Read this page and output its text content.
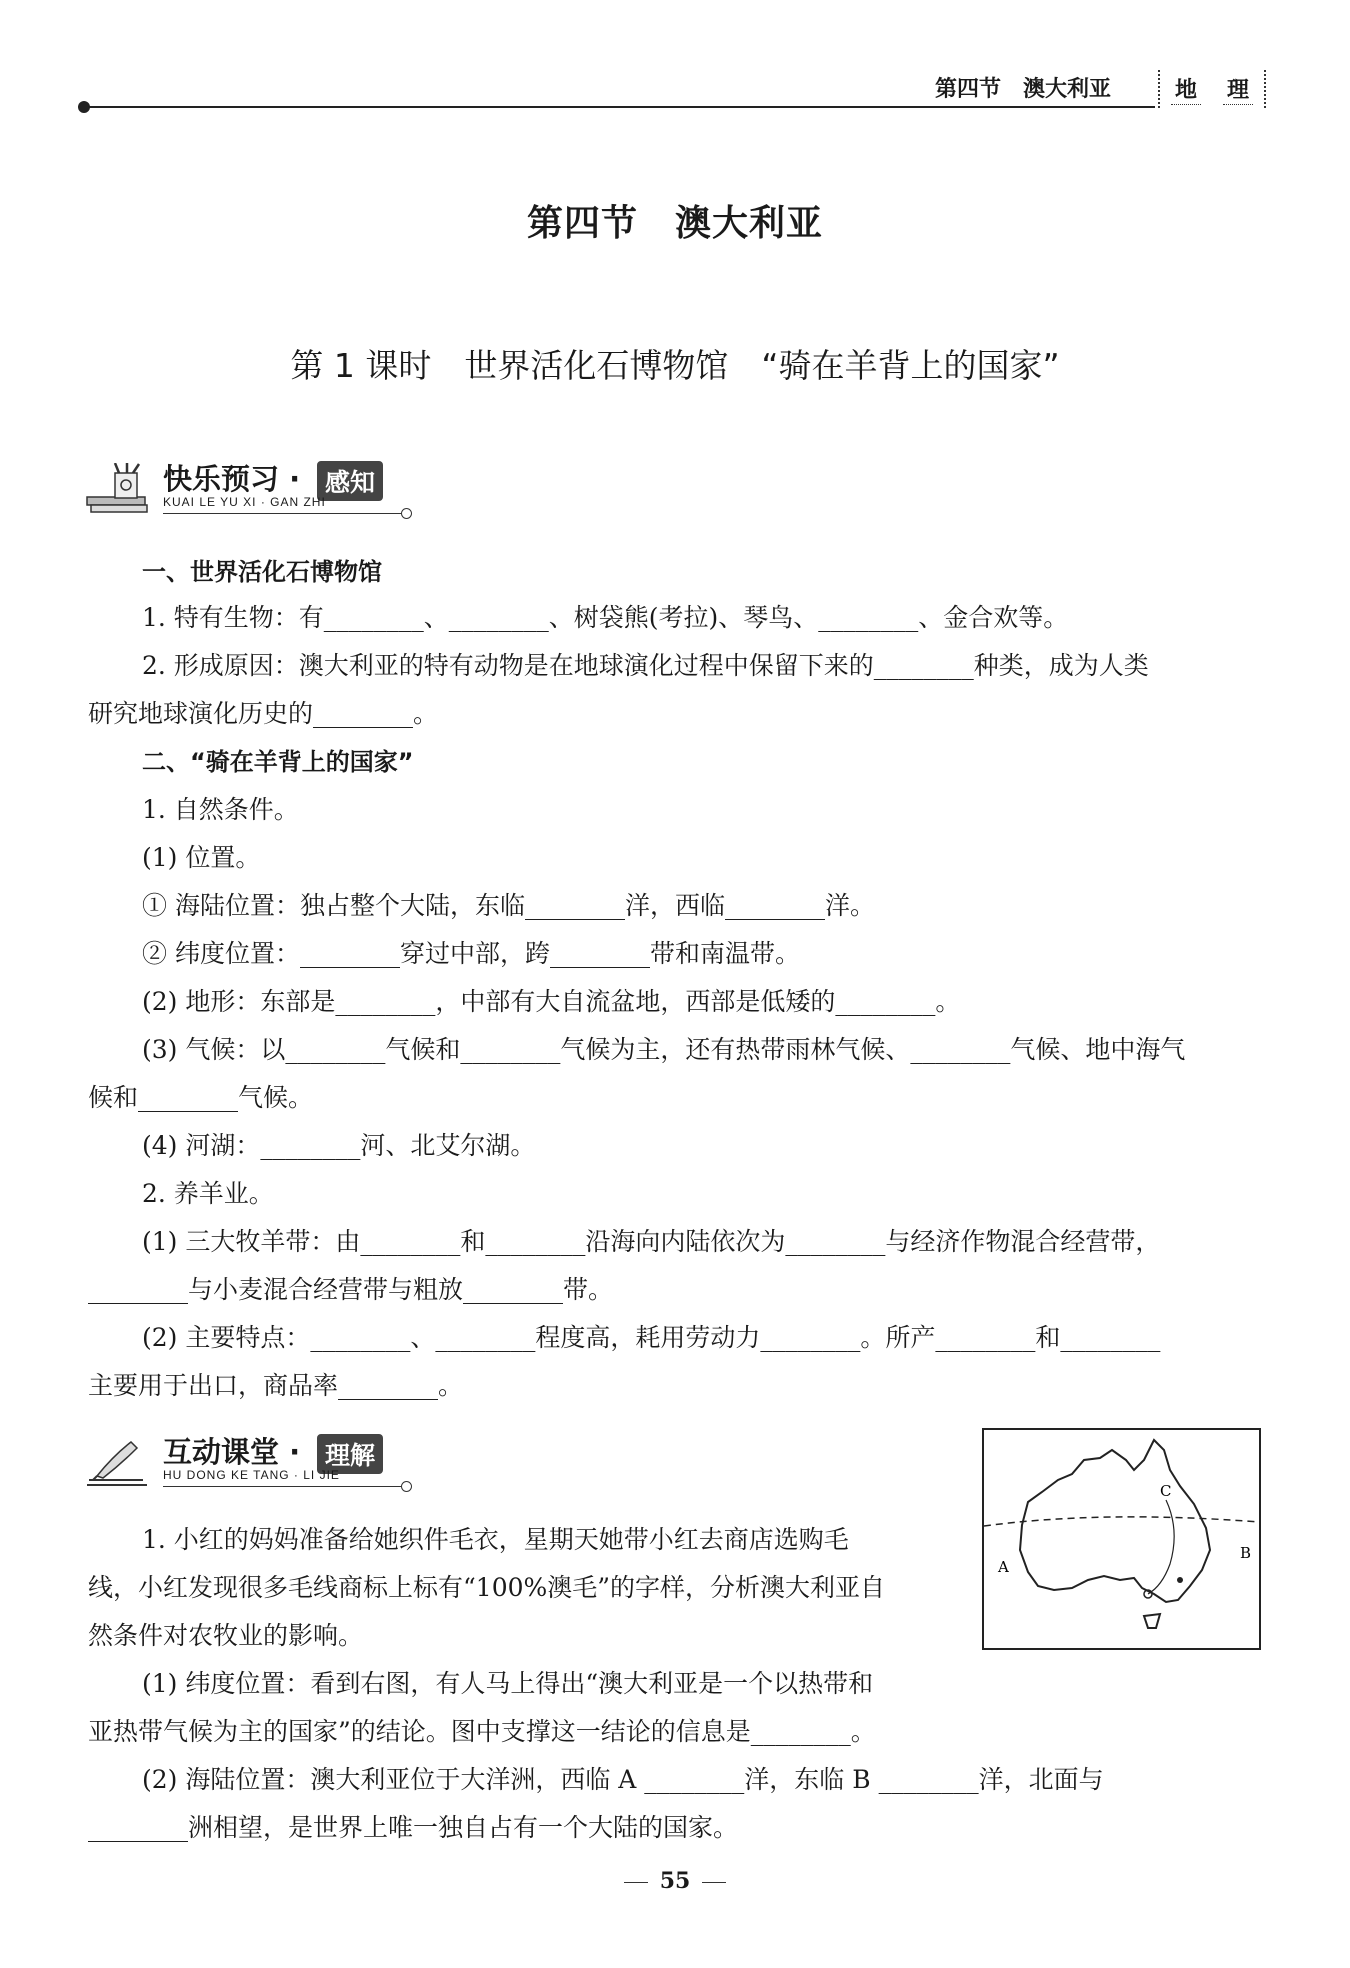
第四节　澳大利亚	地 理
第四节　澳大利亚
第 1 课时　世界活化石博物馆　“骑在羊背上的国家”
快乐预习 · 感知
KUAI LE YU XI · GAN ZHI
一、世界活化石博物馆
1. 特有生物：有________、________、树袋熊(考拉)、琴鸟、________、金合欢等。
2. 形成原因：澳大利亚的特有动物是在地球演化过程中保留下来的________种类，成为人类
研究地球演化历史的________。
二、“骑在羊背上的国家”
1. 自然条件。
(1) 位置。
① 海陆位置：独占整个大陆，东临________洋，西临________洋。
② 纬度位置：________穿过中部，跨________带和南温带。
(2) 地形：东部是________，中部有大自流盆地，西部是低矮的________。
(3) 气候：以________气候和________气候为主，还有热带雨林气候、________气候、地中海气
候和________气候。
(4) 河湖：________河、北艾尔湖。
2. 养羊业。
(1) 三大牧羊带：由________和________沿海向内陆依次为________与经济作物混合经营带，
________与小麦混合经营带与粗放________带。
(2) 主要特点：________、________程度高，耗用劳动力________。所产________和________
主要用于出口，商品率________。
互动课堂 · 理解
HU DONG KE TANG · LI JIE
1. 小红的妈妈准备给她织件毛衣，星期天她带小红去商店选购毛
线，小红发现很多毛线商标上标有“100%澳毛”的字样，分析澳大利亚自
然条件对农牧业的影响。
(1) 纬度位置：看到右图，有人马上得出“澳大利亚是一个以热带和
亚热带气候为主的国家”的结论。图中支撑这一结论的信息是________。
(2) 海陆位置：澳大利亚位于大洋洲，西临 A ________洋，东临 B ________洋，北面与
________洲相望，是世界上唯一独自占有一个大陆的国家。
A
B
C
55
